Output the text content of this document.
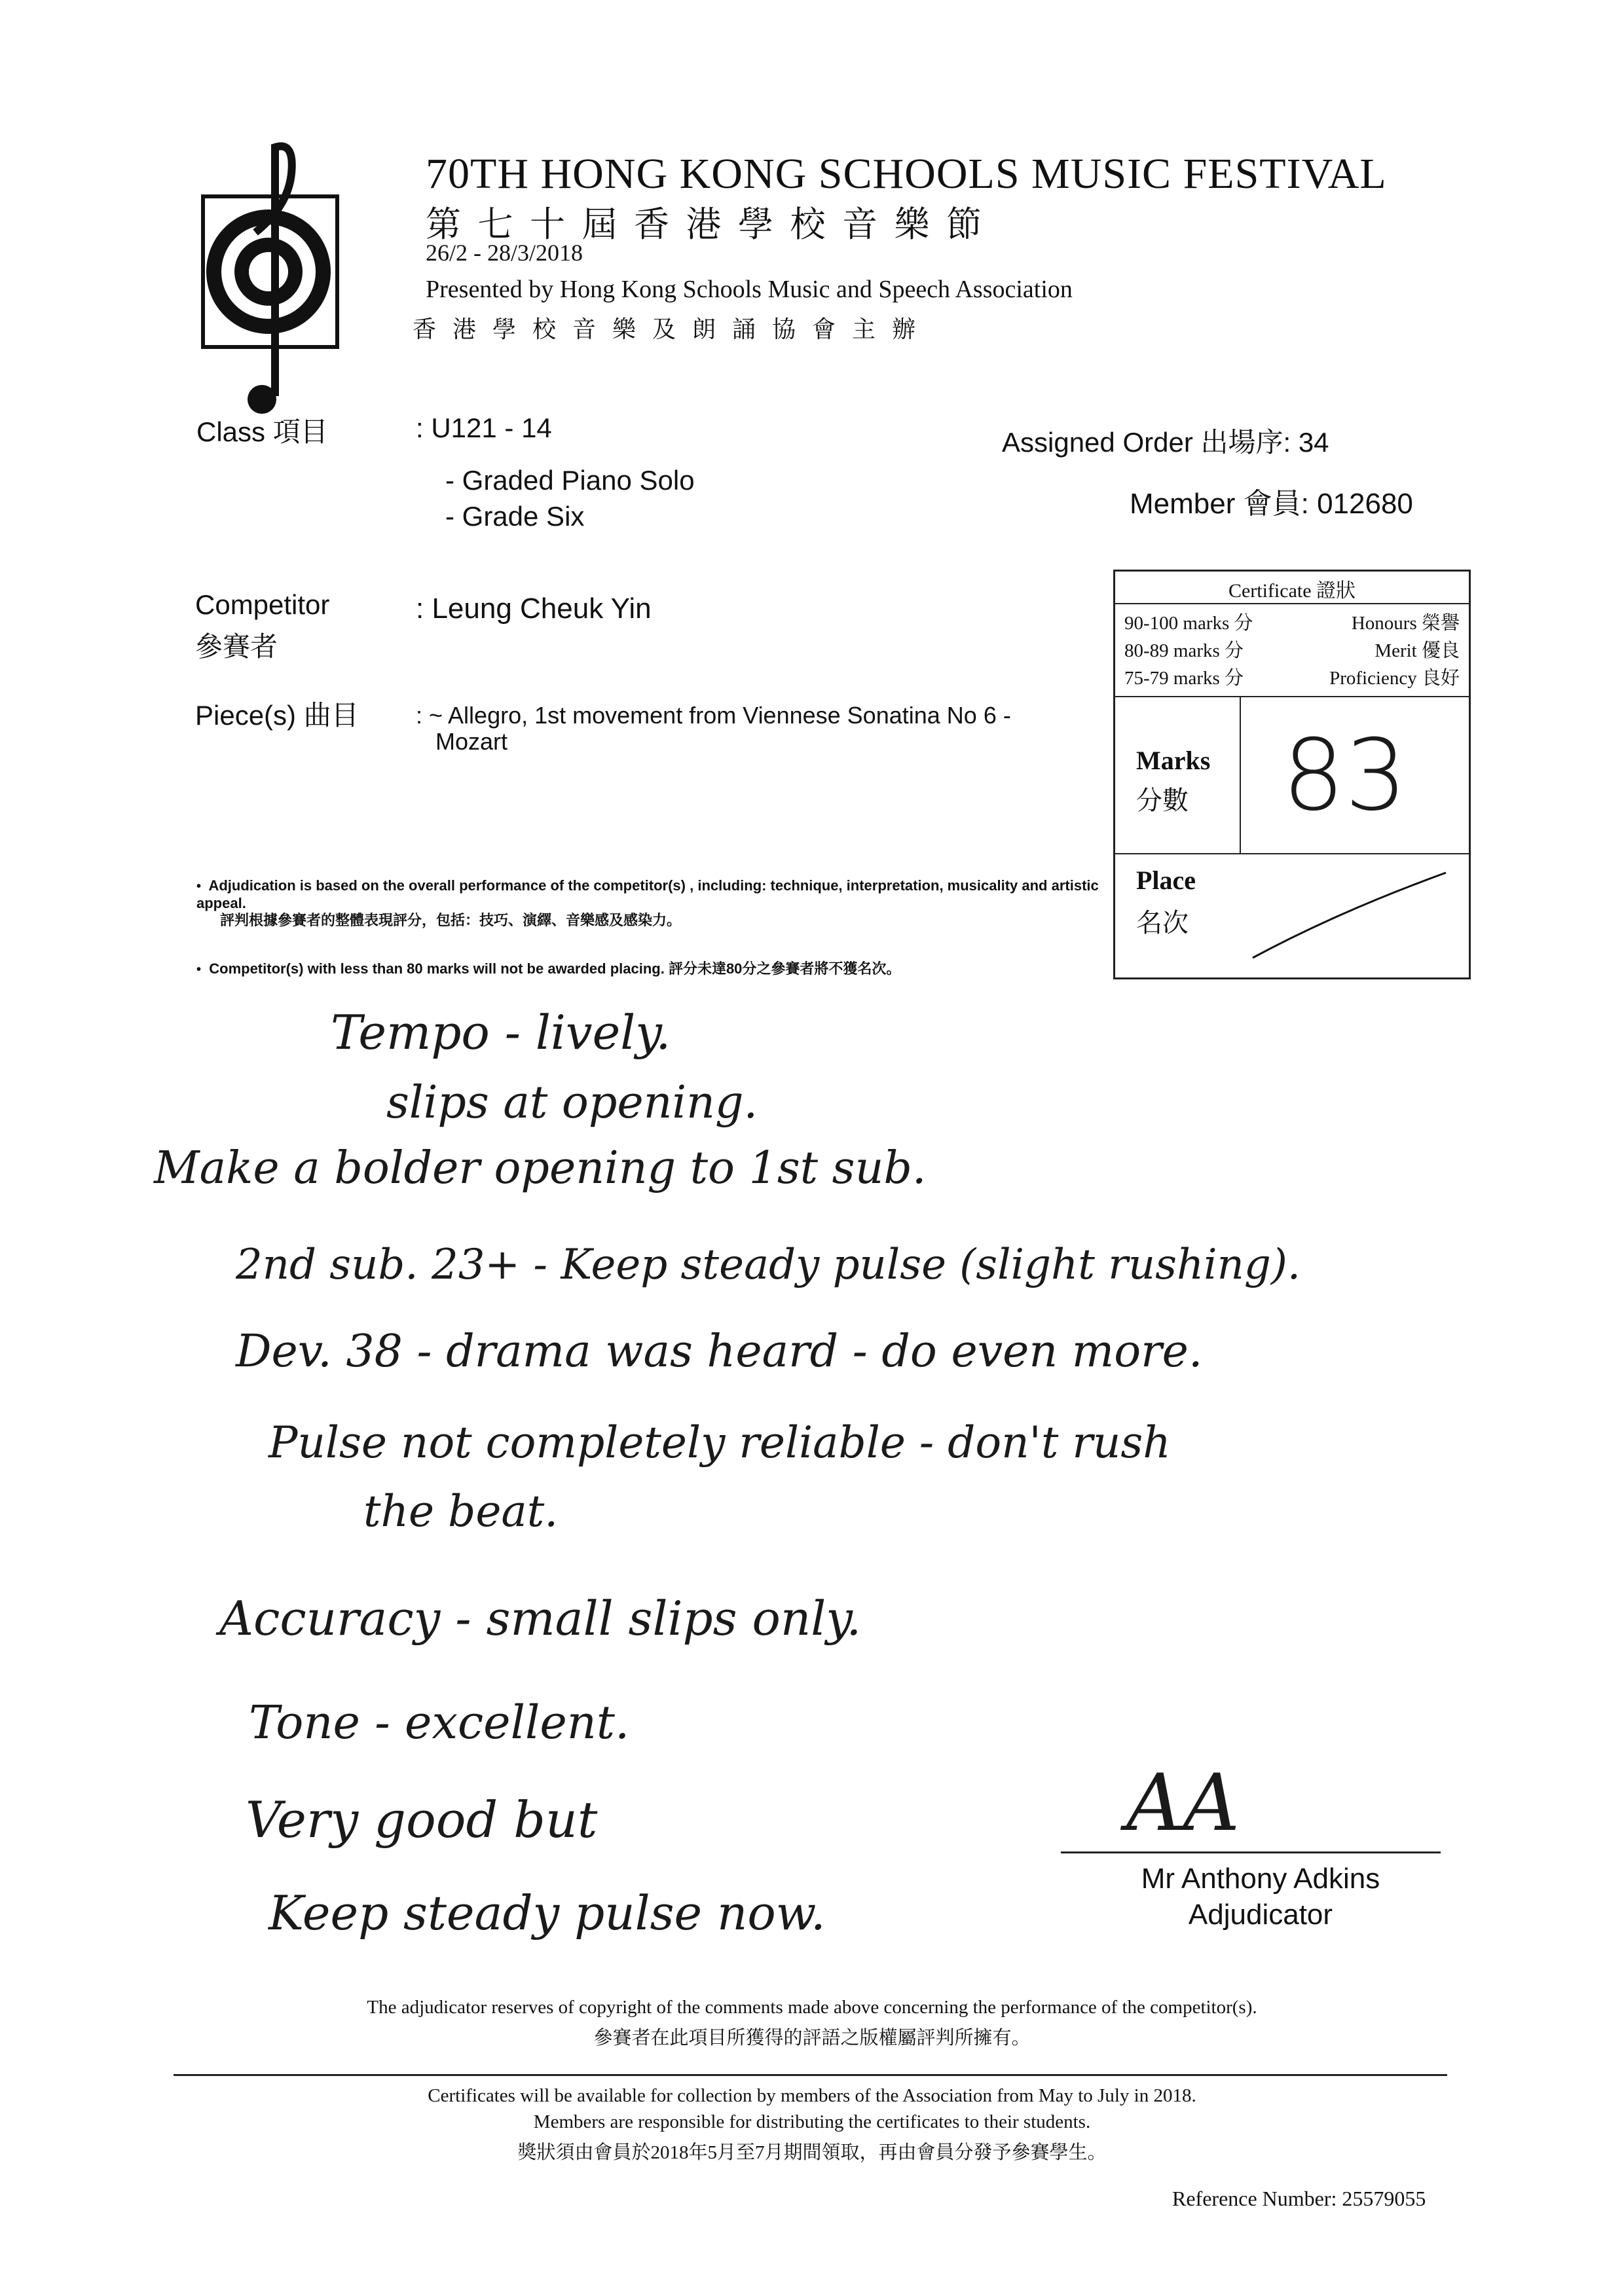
70TH HONG KONG SCHOOLS MUSIC FESTIVAL
第 七 十 屆 香 港 學 校 音 樂 節
26/2 - 28/3/2018
Presented by Hong Kong Schools Music and Speech Association
香 港 學 校 音 樂 及 朗 誦 協 會 主 辦
Class 項目	: U121 - 14
- Graded Piano Solo
- Grade Six
Assigned Order 出場序: 34
Member 會員: 012680
Competitor
參賽者
: Leung Cheuk Yin
Piece(s) 曲目 : ~ Allegro, 1st movement from Viennese Sonatina No 6 -
Mozart
Certificate 證狀
90-100 marks 分	Honours 榮譽
80-89 marks 分	Merit 優良
75-79 marks 分	Proficiency 良好
Marks
分數 83
Place
名次
• Adjudication is based on the overall performance of the competitor(s) , including: technique, interpretation, musicality and artistic appeal.
評判根據參賽者的整體表現評分，包括：技巧、演繹、音樂感及感染力。
• Competitor(s) with less than 80 marks will not be awarded placing. 評分未達80分之參賽者將不獲名次。
Tempo - lively.
slips at opening.
Make a bolder opening to 1st sub.
2nd sub. 23+ - Keep steady pulse (slight rushing).
Dev. 38 - drama was heard - do even more.
Pulse not completely reliable - don't rush
the beat.
Accuracy - small slips only.
Tone - excellent.
Very good but
Keep steady pulse now.
AA
Mr Anthony Adkins
Adjudicator
The adjudicator reserves of copyright of the comments made above concerning the performance of the competitor(s).
參賽者在此項目所獲得的評語之版權屬評判所擁有。
Certificates will be available for collection by members of the Association from May to July in 2018.
Members are responsible for distributing the certificates to their students.
獎狀須由會員於2018年5月至7月期間領取，再由會員分發予參賽學生。
Reference Number: 25579055
